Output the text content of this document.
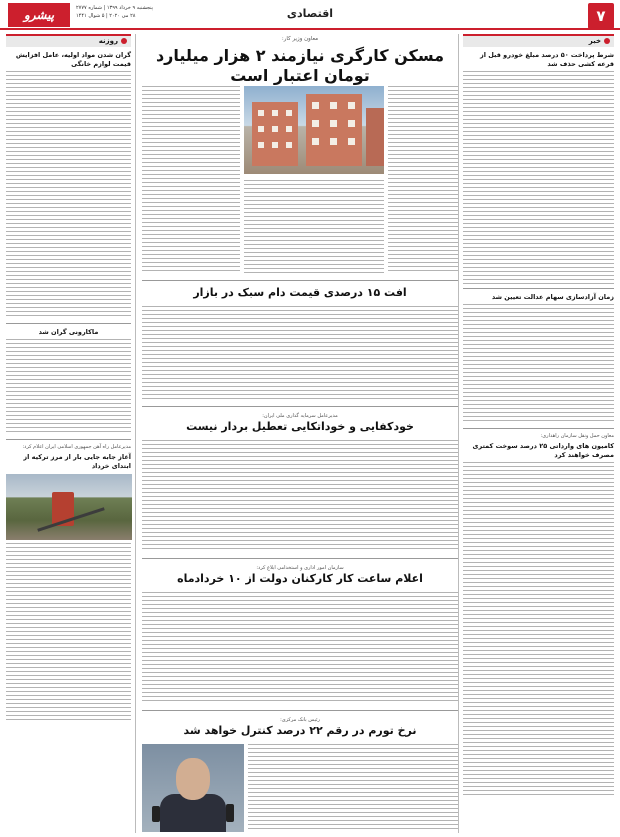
۷
اقتصادی
پیشرو	پنجشنبه ۹ خرداد ۱۳۹۹ | شماره ۲۷۷۷
۲۸ می ۲۰۲۰ | ۵ شوال ۱۴۴۱
خبر
شرط پرداخت ۵۰ درصد مبلغ خودرو قبل از قرعه کشی حذف شد
زمان آزادسازی سهام عدالت تعیین شد
معاون حمل ونقل سازمان راهداری:
کامیون های وارداتی ۲۵ درصد سوخت کمتری مصرف خواهند کرد
معاون وزیر کار:
مسکن کارگری نیازمند ۲ هزار میلیارد تومان اعتبار است
افت ۱۵ درصدی قیمت دام سبک در بازار
مدیرعامل سرمایه گذاری ملی ایران:
خودکفایی و خوداتکایی تعطیل بردار نیست
سازمان امور اداری و استخدامی ابلاغ کرد:
اعلام ساعت کار کارکنان دولت از ۱۰ خردادماه
رئیس بانک مرکزی:
نرخ تورم در رقم ۲۲ درصد کنترل خواهد شد
روزنه
گران شدن مواد اولیه، عامل افزایش قیمت لوازم خانگی
ماکارونی گران شد
مدیرعامل راه آهن جمهوری اسلامی ایران اعلام کرد:
آغاز جابه جایی بار از مرز ترکیه از ابتدای خرداد
